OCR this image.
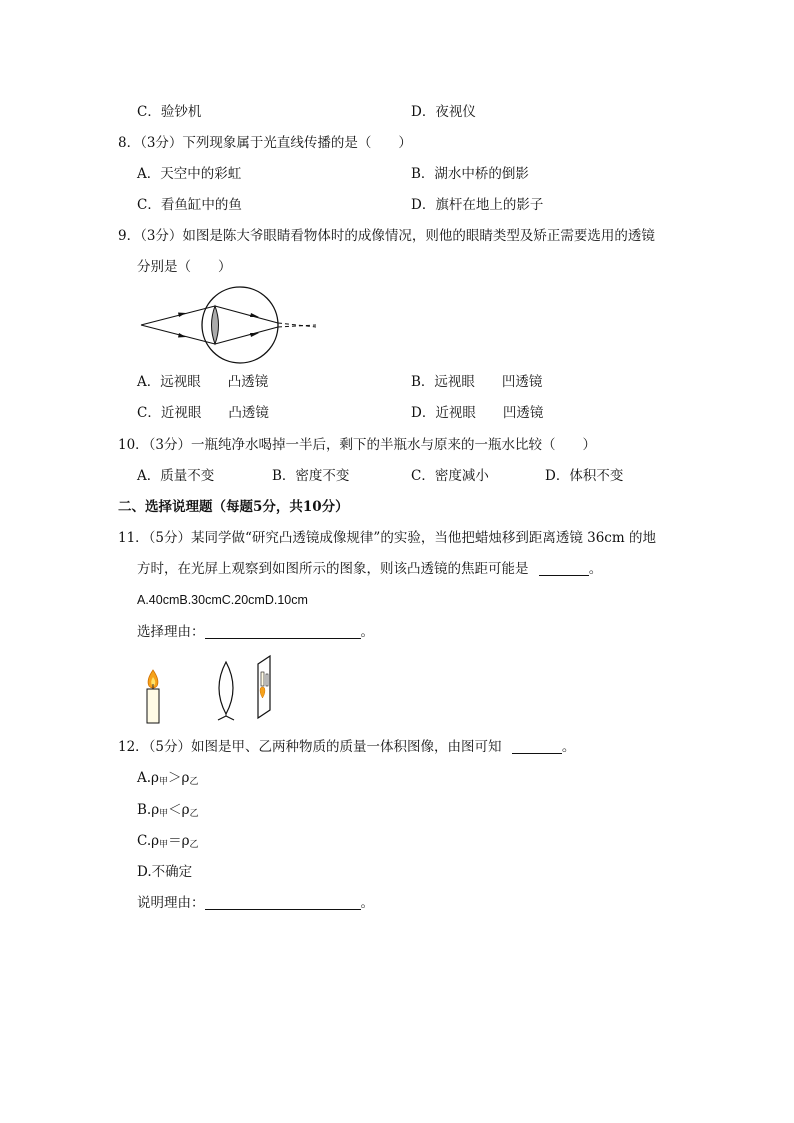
C．验钞机	D．夜视仪
8．（3分）下列现象属于光直线传播的是（　　）
A．天空中的彩虹	B．湖水中桥的倒影
C．看鱼缸中的鱼	D．旗杆在地上的影子
9．（3分）如图是陈大爷眼睛看物体时的成像情况，则他的眼睛类型及矫正需要选用的透镜
分别是（　　）
A．远视眼　　凸透镜	B．远视眼　　凹透镜
C．近视眼　　凸透镜	D．近视眼　　凹透镜
10．（3分）一瓶纯净水喝掉一半后，剩下的半瓶水与原来的一瓶水比较（　　）
A．质量不变	B．密度不变	C．密度减小	D．体积不变
二、选择说理题（每题5分，共10分）
11．（5分）某同学做“研究凸透镜成像规律”的实验，当他把蜡烛移到距离透镜 36cm 的地
方时，在光屏上观察到如图所示的图象，则该凸透镜的焦距可能是	。
A.40cmB.30cmC.20cmD.10cm
选择理由：	。
12．（5分）如图是甲、乙两种物质的质量一体积图像，由图可知	。
$A.\rho_甲>\rho_乙$
$B.\rho_甲<\rho_乙$
$C.\rho_甲=\rho_乙$
D.不确定
说明理由：	。
